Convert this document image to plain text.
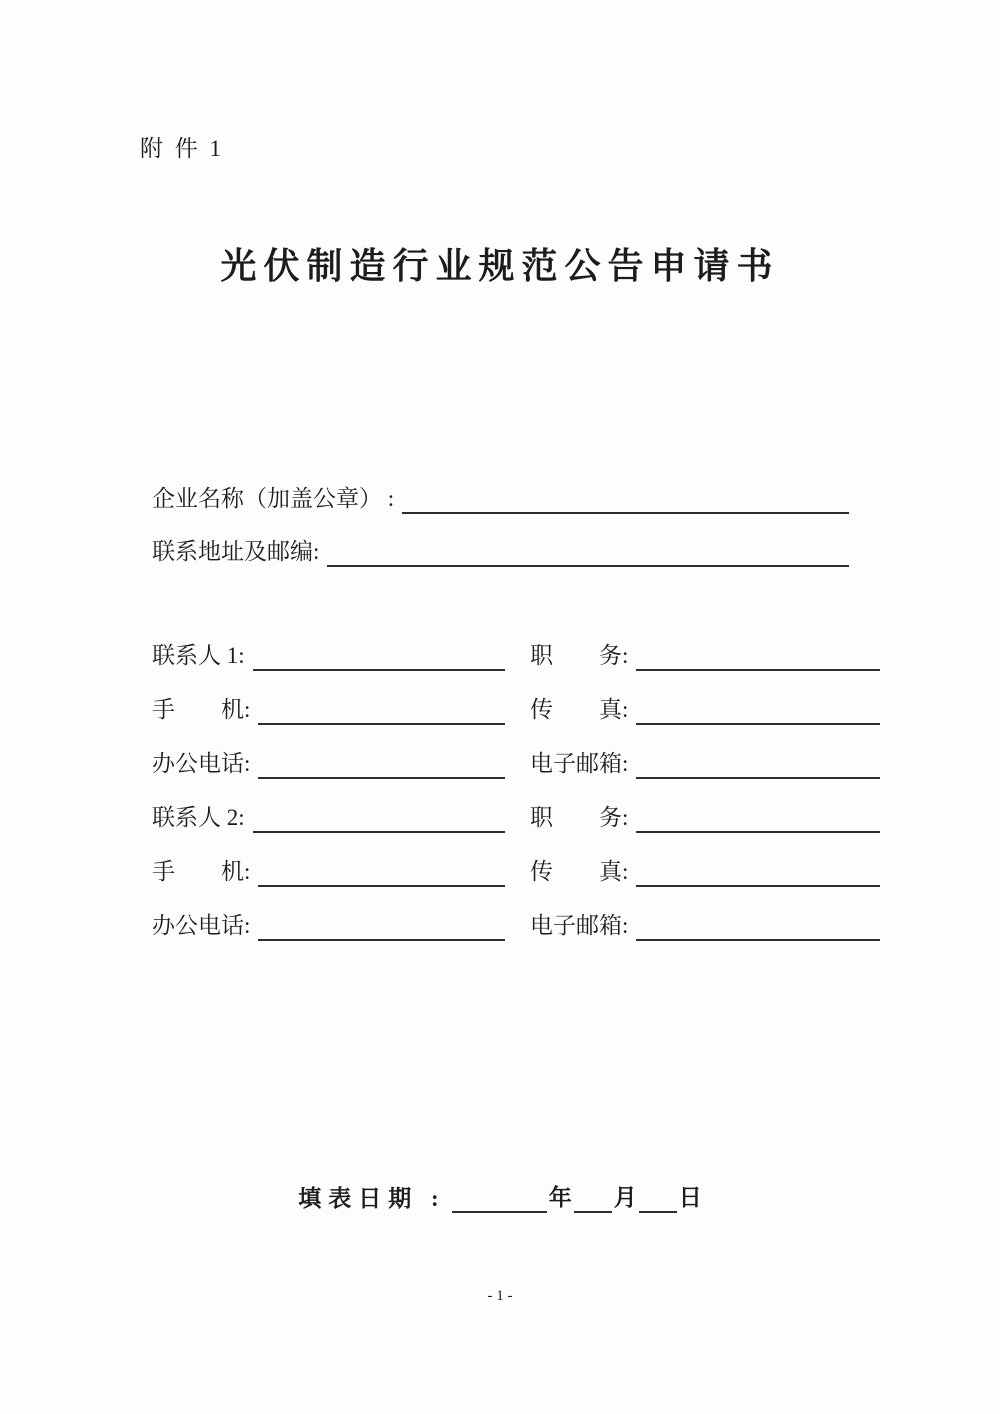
附 件 1
光伏制造行业规范公告申请书
企业名称（加盖公章） :
联系地址及邮编:
联系人 1:	职　　务:
手　　机:	传　　真:
办公电话:	电子邮箱:
联系人 2:	职　　务:
手　　机:	传　　真:
办公电话:	电子邮箱:
填表日期 :	年 月 日
- 1 -
